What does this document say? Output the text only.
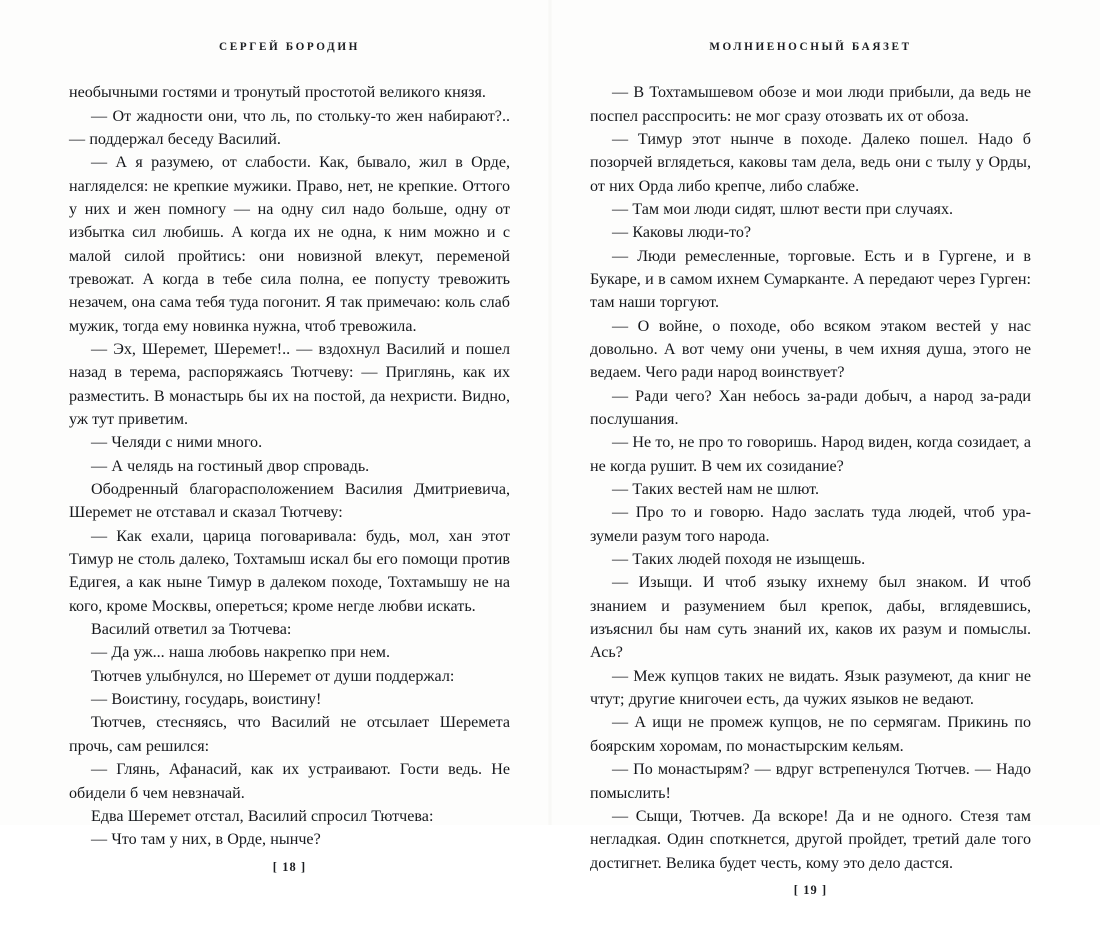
СЕРГЕЙ БОРОДИН

необычными гостями и тронутый простотой великого князя.

— От жадности они, что ль, по стольку-то жен набирают?.. — поддержал беседу Василий.

— А я разумею, от слабости. Как, бывало, жил в Орде, нагляделся: не крепкие мужики. Право, нет, не крепкие. Оттого у них и жен помногу — на одну сил надо больше, одну от избытка сил любишь. А когда их не одна, к ним можно и с малой силой пройтись: они новизной влекут, переменой тревожат. А когда в тебе сила полна, ее попусту тревожить незачем, она сама тебя туда погонит. Я так примечаю: коль слаб мужик, тогда ему новинка нужна, чтоб тревожила.

— Эх, Шеремет, Шеремет!.. — вздохнул Василий и пошел назад в терема, распоряжаясь Тютчеву: — Приглянь, как их разместить. В монастырь бы их на постой, да нехристи. Видно, уж тут приветим.

— Челяди с ними много.

— А челядь на гостиный двор спровадь.

Ободренный благорасположением Василия Дмитриевича, Шеремет не отставал и сказал Тютчеву:

— Как ехали, царица поговаривала: будь, мол, хан этот Тимур не столь далеко, Тохтамыш искал бы его помощи против Едигея, а как ныне Тимур в далеком походе, Тохтамышу не на кого, кроме Москвы, опереться; кроме негде любви искать.

Василий ответил за Тютчева:

— Да уж... наша любовь накрепко при нем.

Тютчев улыбнулся, но Шеремет от души поддержал:

— Воистину, государь, воистину!

Тютчев, стесняясь, что Василий не отсылает Шеремета прочь, сам решился:

— Глянь, Афанасий, как их устраивают. Гости ведь. Не обидели б чем невзначай.

Едва Шеремет отстал, Василий спросил Тютчева:

— Что там у них, в Орде, нынче?

[ 18 ]
МОЛНИЕНОСНЫЙ БАЯЗЕТ

— В Тохтамышевом обозе и мои люди прибыли, да ведь не поспел расспросить: не мог сразу отозвать их от обоза.

— Тимур этот нынче в походе. Далеко пошел. Надо б позорчей вглядеться, каковы там дела, ведь они с тылу у Орды, от них Орда либо крепче, либо слабже.

— Там мои люди сидят, шлют вести при случаях.

— Каковы люди-то?

— Люди ремесленные, торговые. Есть и в Гургене, и в Букаре, и в самом ихнем Сумарканте. А передают через Гурген: там наши торгуют.

— О войне, о походе, обо всяком этаком вестей у нас довольно. А вот чему они учены, в чем ихняя душа, этого не ведаем. Чего ради народ воинствует?

— Ради чего? Хан небось за-ради добыч, а народ за-ради послушания.

— Не то, не про то говоришь. Народ виден, когда созидает, а не когда рушит. В чем их созидание?

— Таких вестей нам не шлют.

— Про то и говорю. Надо заслать туда людей, чтоб уразумели разум того народа.

— Таких людей походя не изыщешь.

— Изыщи. И чтоб языку ихнему был знаком. И чтоб знанием и разумением был крепок, дабы, вглядевшись, изъяснил бы нам суть знаний их, каков их разум и помыслы. Ась?

— Меж купцов таких не видать. Язык разумеют, да книг не чтут; другие книгочеи есть, да чужих языков не ведают.

— А ищи не промеж купцов, не по сермягам. Прикинь по боярским хоромам, по монастырским кельям.

— По монастырям? — вдруг встрепенулся Тютчев. — Надо помыслить!

— Сыщи, Тютчев. Да вскоре! Да и не одного. Стезя там негладкая. Один споткнется, другой пройдет, третий дале того достигнет. Велика будет честь, кому это дело дастся.

[ 19 ]
